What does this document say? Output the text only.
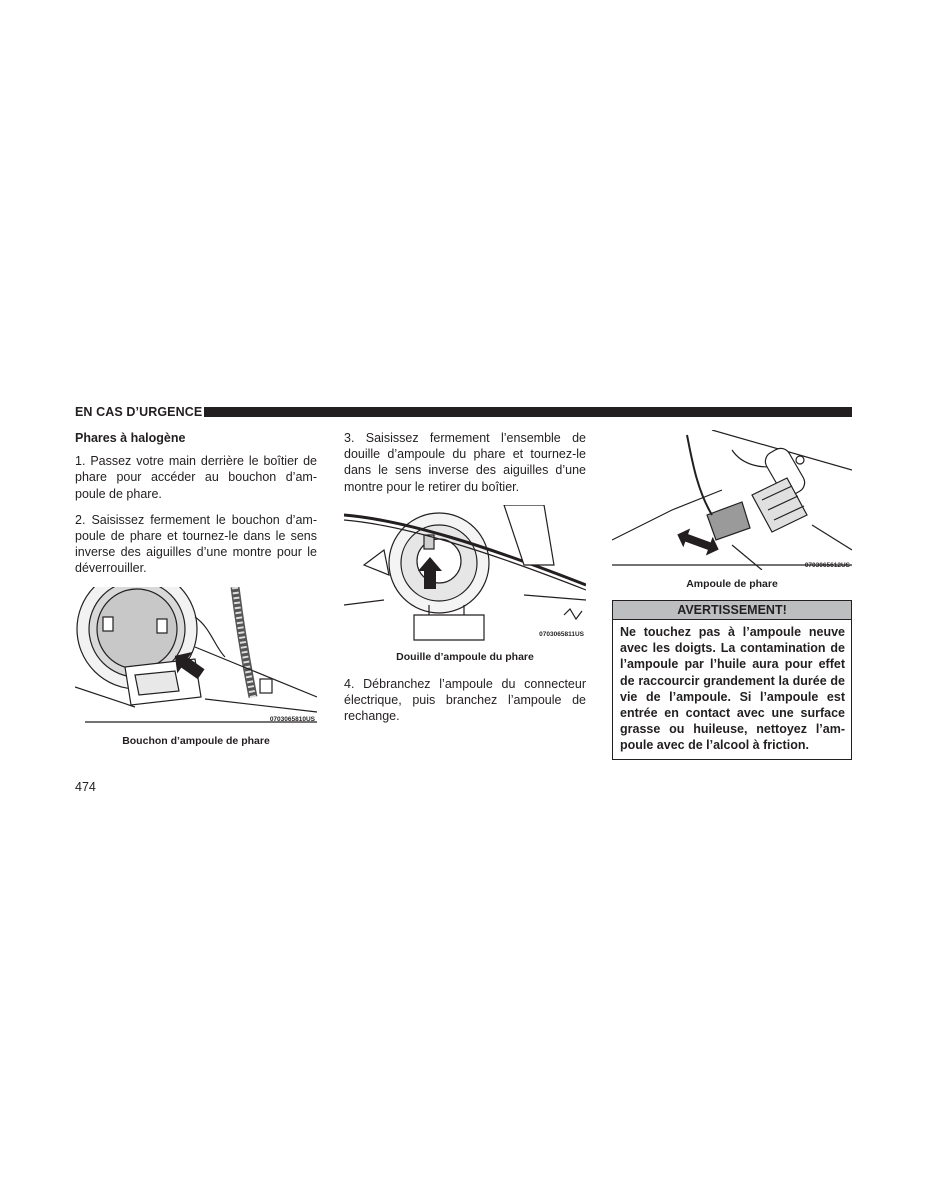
EN CAS D’URGENCE
Phares à halogène

1. Passez votre main derrière le boîtier de phare pour accéder au bouchon d’am-poule de phare.

2. Saisissez fermement le bouchon d’am-poule de phare et tournez-le dans le sens inverse des aiguilles d’une montre pour le déverrouiller.

0703065810US
Bouchon d’ampoule de phare

3. Saisissez fermement l’ensemble de douille d’ampoule du phare et tournez-le dans le sens inverse des aiguilles d’une montre pour le retirer du boîtier.

0703065811US
Douille d’ampoule du phare

4. Débranchez l’ampoule du connecteur électrique, puis branchez l’ampoule de rechange.

0703065612US
Ampoule de phare
AVERTISSEMENT!
Ne touchez pas à l’ampoule neuve avec les doigts. La contamination de l’ampoule par l’huile aura pour effet de raccourcir grandement la durée de vie de l’ampoule. Si l’ampoule est entrée en contact avec une surface grasse ou huileuse, nettoyez l’am-poule avec de l’alcool à friction.
474
